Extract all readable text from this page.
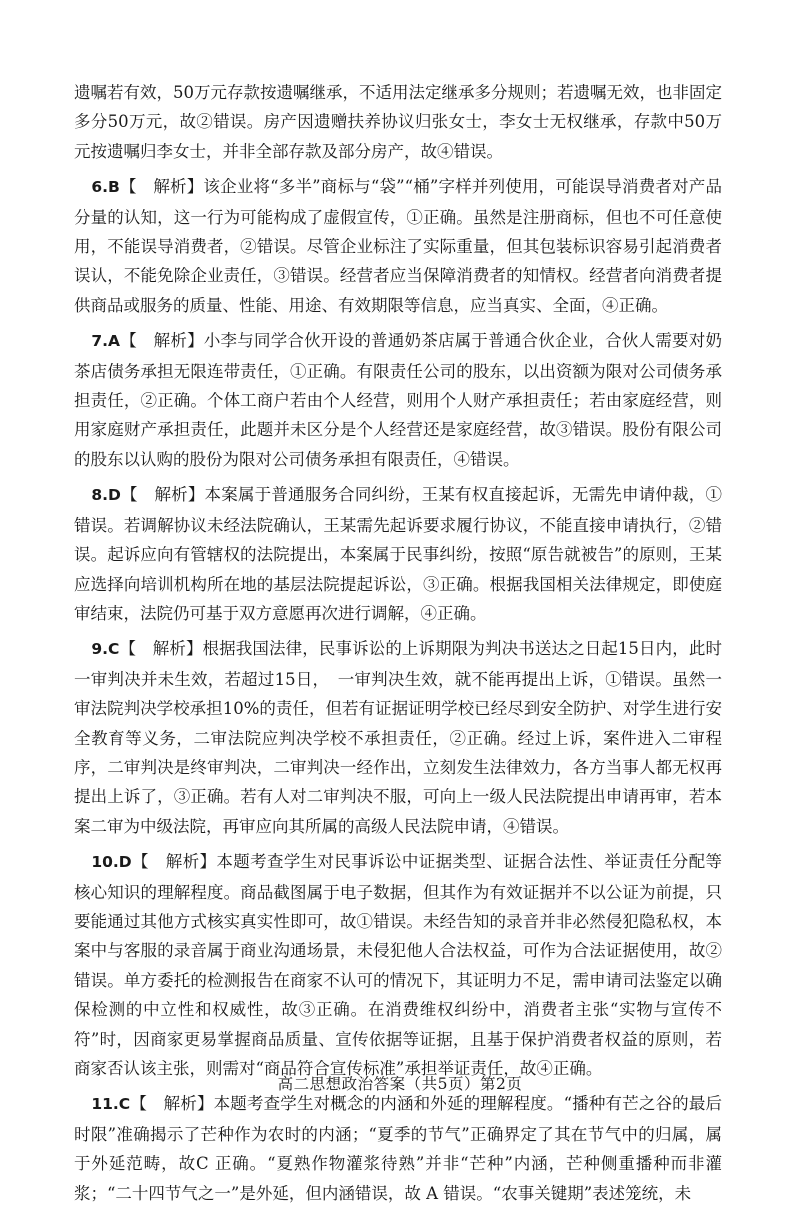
遗嘱若有效，50万元存款按遗嘱继承，不适用法定继承多分规则；若遗嘱无效，也非固定多分50万元，故②错误。房产因遗赠扶养协议归张女士，李女士无权继承，存款中50万元按遗嘱归李女士，并非全部存款及部分房产，故④错误。

6.B【　解析】该企业将“多半”商标与“袋”“桶”字样并列使用，可能误导消费者对产品分量的认知，这一行为可能构成了虚假宣传，①正确。虽然是注册商标，但也不可任意使用，不能误导消费者，②错误。尽管企业标注了实际重量，但其包装标识容易引起消费者误认，不能免除企业责任，③错误。经营者应当保障消费者的知情权。经营者向消费者提供商品或服务的质量、性能、用途、有效期限等信息，应当真实、全面，④正确。

7.A【　解析】小李与同学合伙开设的普通奶茶店属于普通合伙企业，合伙人需要对奶茶店债务承担无限连带责任，①正确。有限责任公司的股东，以出资额为限对公司债务承担责任，②正确。个体工商户若由个人经营，则用个人财产承担责任；若由家庭经营，则用家庭财产承担责任，此题并未区分是个人经营还是家庭经营，故③错误。股份有限公司的股东以认购的股份为限对公司债务承担有限责任，④错误。

8.D【　解析】本案属于普通服务合同纠纷，王某有权直接起诉，无需先申请仲裁，①错误。若调解协议未经法院确认，王某需先起诉要求履行协议，不能直接申请执行，②错误。起诉应向有管辖权的法院提出，本案属于民事纠纷，按照“原告就被告”的原则，王某应选择向培训机构所在地的基层法院提起诉讼，③正确。根据我国相关法律规定，即使庭审结束，法院仍可基于双方意愿再次进行调解，④正确。

9.C【　解析】根据我国法律，民事诉讼的上诉期限为判决书送达之日起15日内，此时一审判决并未生效，若超过15日，　一审判决生效，就不能再提出上诉，①错误。虽然一审法院判决学校承担10%的责任，但若有证据证明学校已经尽到安全防护、对学生进行安全教育等义务，二审法院应判决学校不承担责任，②正确。经过上诉，案件进入二审程序，二审判决是终审判决，二审判决一经作出，立刻发生法律效力，各方当事人都无权再提出上诉了，③正确。若有人对二审判决不服，可向上一级人民法院提出申请再审，若本案二审为中级法院，再审应向其所属的高级人民法院申请，④错误。

10.D【　解析】本题考查学生对民事诉讼中证据类型、证据合法性、举证责任分配等核心知识的理解程度。商品截图属于电子数据，但其作为有效证据并不以公证为前提，只要能通过其他方式核实真实性即可，故①错误。未经告知的录音并非必然侵犯隐私权，本案中与客服的录音属于商业沟通场景，未侵犯他人合法权益，可作为合法证据使用，故②错误。单方委托的检测报告在商家不认可的情况下，其证明力不足，需申请司法鉴定以确保检测的中立性和权威性，故③正确。在消费维权纠纷中，消费者主张“实物与宣传不符”时，因商家更易掌握商品质量、宣传依据等证据，且基于保护消费者权益的原则，若商家否认该主张，则需对“商品符合宣传标准”承担举证责任，故④正确。

11.C【　解析】本题考查学生对概念的内涵和外延的理解程度。“播种有芒之谷的最后时限”准确揭示了芒种作为农时的内涵；“夏季的节气”正确界定了其在节气中的归属，属于外延范畴，故C 正确。“夏熟作物灌浆待熟”并非“芒种”内涵，芒种侧重播种而非灌浆；“二十四节气之一”是外延，但内涵错误，故 A 错误。“农事关键期”表述笼统，未

高二思想政治答案（共5页）第2页
